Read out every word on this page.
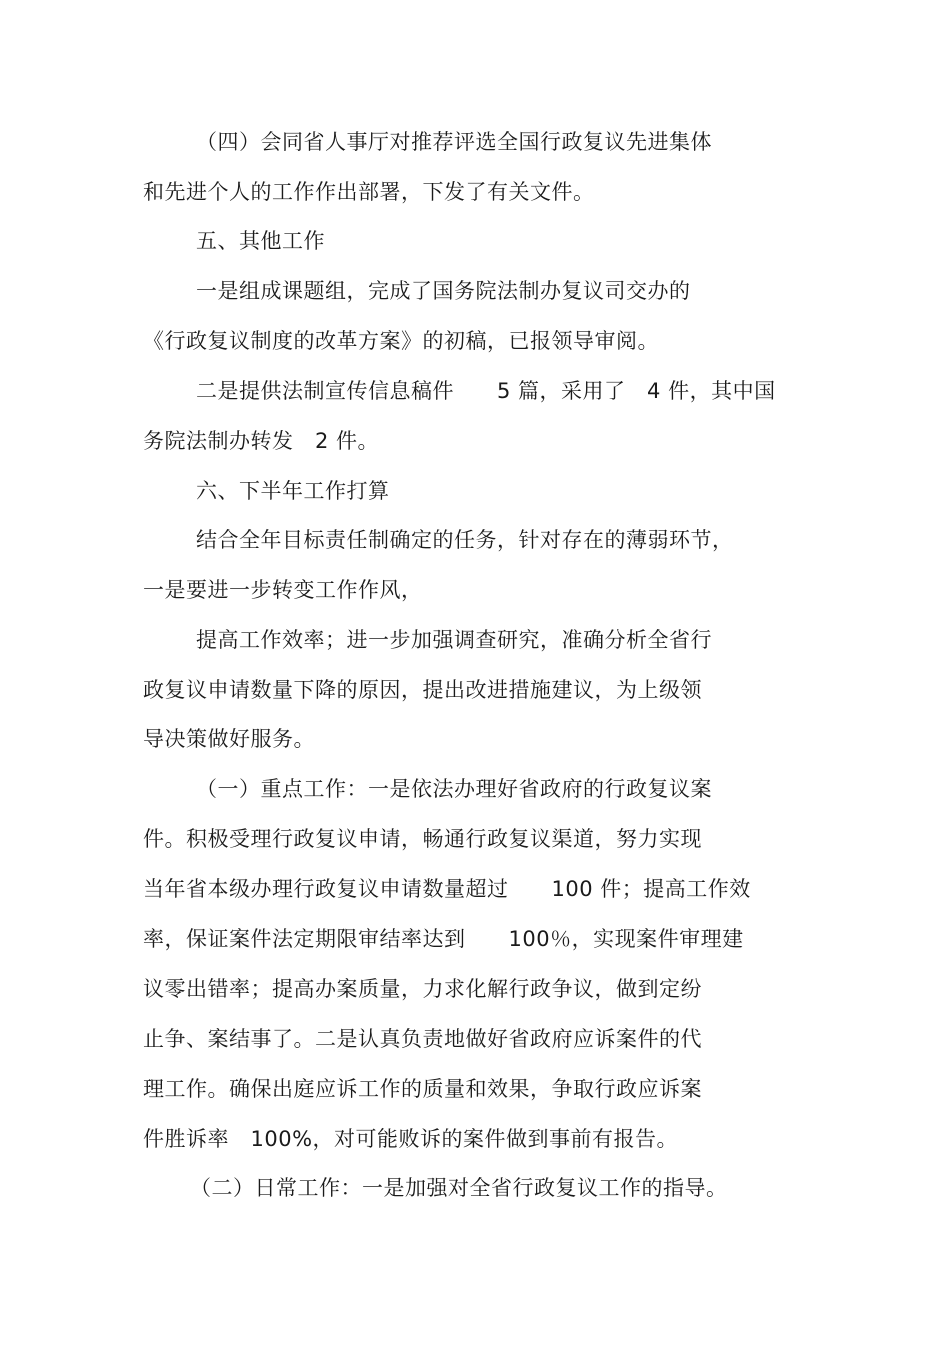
（四）会同省人事厅对推荐评选全国行政复议先进集体
和先进个人的工作作出部署，下发了有关文件。
五、其他工作
一是组成课题组，完成了国务院法制办复议司交办的
《行政复议制度的改革方案》的初稿，已报领导审阅。
二是提供法制宣传信息稿件　　5 篇，采用了　4 件，其中国
务院法制办转发　2 件。
六、下半年工作打算
结合全年目标责任制确定的任务，针对存在的薄弱环节，
一是要进一步转变工作作风，
提高工作效率；进一步加强调查研究，准确分析全省行
政复议申请数量下降的原因，提出改进措施建议，为上级领
导决策做好服务。
（一）重点工作：一是依法办理好省政府的行政复议案
件。积极受理行政复议申请，畅通行政复议渠道，努力实现
当年省本级办理行政复议申请数量超过　　100 件；提高工作效
率，保证案件法定期限审结率达到　　100％，实现案件审理建
议零出错率；提高办案质量，力求化解行政争议，做到定纷
止争、案结事了。二是认真负责地做好省政府应诉案件的代
理工作。确保出庭应诉工作的质量和效果，争取行政应诉案
件胜诉率　100%，对可能败诉的案件做到事前有报告。
（二）日常工作：一是加强对全省行政复议工作的指导。
